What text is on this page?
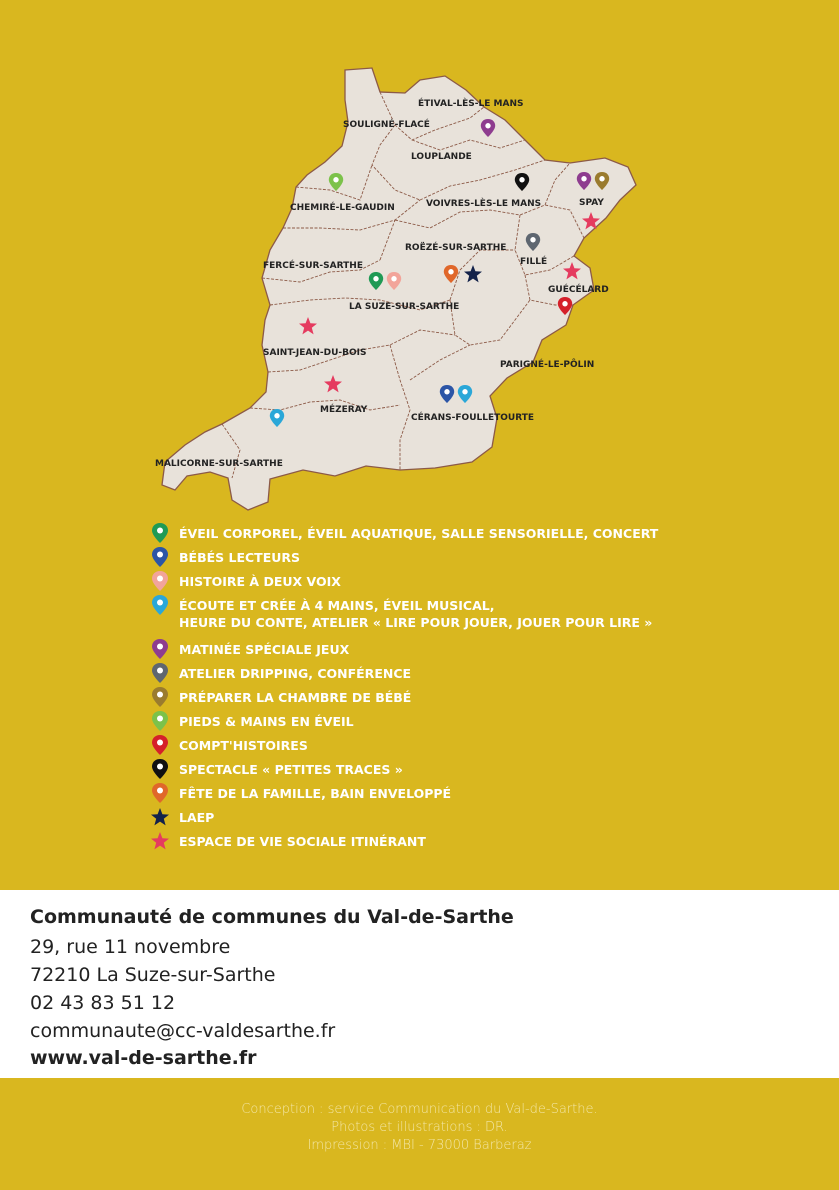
ÉTIVAL-LÈS-LE MANS
SOULIGNÉ-FLACÉ
LOUPLANDE
CHEMIRÉ-LE-GAUDIN	VOIVRES-LÈS-LE MANS	SPAY
ROËZÉ-SUR-SARTHE
FILLÉ
FERCÉ-SUR-SARTHE
GUÉCÉLARD
LA SUZE-SUR-SARTHE
SAINT-JEAN-DU-BOIS
PARIGNÉ-LE-PÔLIN
MÉZERAY
CÉRANS-FOULLETOURTE
MALICORNE-SUR-SARTHE
ÉVEIL CORPOREL, ÉVEIL AQUATIQUE, SALLE SENSORIELLE, CONCERT
BÉBÉS LECTEURS
HISTOIRE À DEUX VOIX
ÉCOUTE ET CRÉE À 4 MAINS, ÉVEIL MUSICAL,
HEURE DU CONTE, ATELIER « LIRE POUR JOUER, JOUER POUR LIRE »
MATINÉE SPÉCIALE JEUX
ATELIER DRIPPING, CONFÉRENCE
PRÉPARER LA CHAMBRE DE BÉBÉ
PIEDS & MAINS EN ÉVEIL
COMPT'HISTOIRES
SPECTACLE « PETITES TRACES »
FÊTE DE LA FAMILLE, BAIN ENVELOPPÉ
LAEP
ESPACE DE VIE SOCIALE ITINÉRANT
Communauté de communes du Val-de-Sarthe
29, rue 11 novembre
72210 La Suze-sur-Sarthe
02 43 83 51 12
communaute@cc-valdesarthe.fr
www.val-de-sarthe.fr
Conception : service Communication du Val-de-Sarthe.
Photos et illustrations : DR.
Impression : MBI - 73000 Barberaz
